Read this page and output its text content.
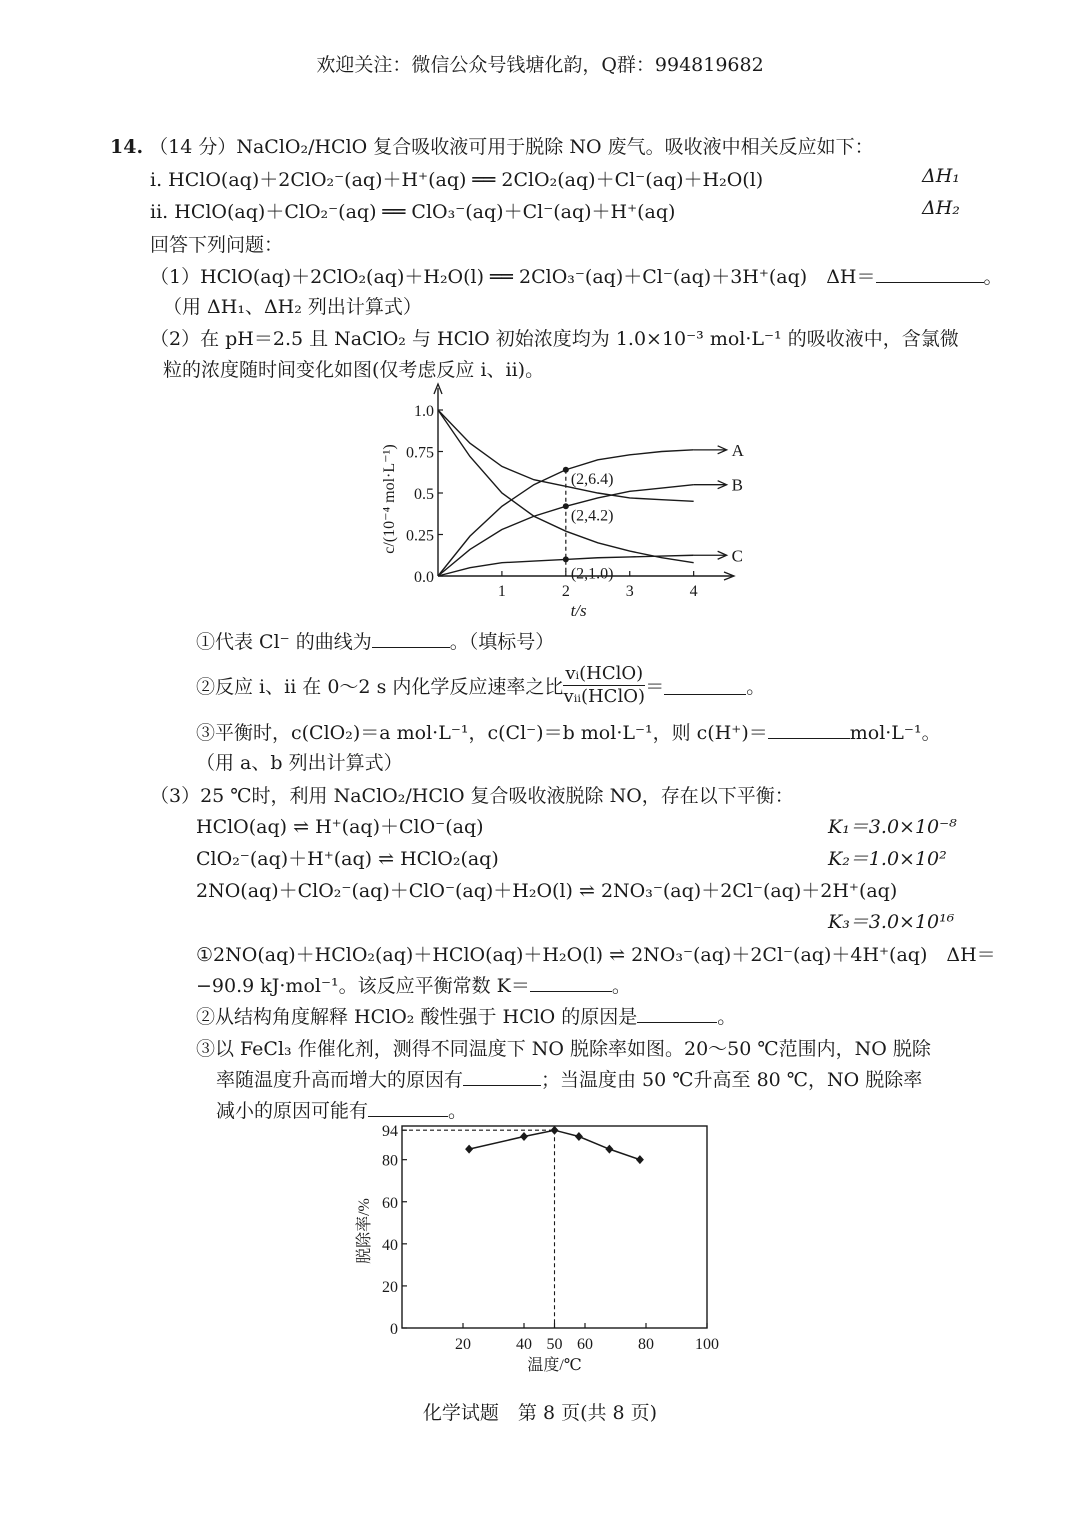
欢迎关注：微信公众号钱塘化韵，Q群：994819682
14. （14 分）NaClO₂/HClO 复合吸收液可用于脱除 NO 废气。吸收液中相关反应如下：
i. HClO(aq)＋2ClO₂⁻(aq)＋H⁺(aq) ══ 2ClO₂(aq)＋Cl⁻(aq)＋H₂O(l)	ΔH₁
ii. HClO(aq)＋ClO₂⁻(aq) ══ ClO₃⁻(aq)＋Cl⁻(aq)＋H⁺(aq)	ΔH₂
回答下列问题：
（1）HClO(aq)＋2ClO₂(aq)＋H₂O(l) ══ 2ClO₃⁻(aq)＋Cl⁻(aq)＋3H⁺(aq)　ΔH＝	。
（用 ΔH₁、ΔH₂ 列出计算式）
（2）在 pH＝2.5 且 NaClO₂ 与 HClO 初始浓度均为 1.0×10⁻³ mol·L⁻¹ 的吸收液中，含氯微
粒的浓度随时间变化如图(仅考虑反应 i、ii)。
0.0
0.25
0.5
0.75
1.0
1	2	3	4
t/s
c/(10⁻⁴ mol·L⁻¹)	A
B
C
(2,6.4)
(2,4.2)
(2,1.0)
①代表 Cl⁻ 的曲线为	。（填标号）
②反应 i、ii 在 0～2 s 内化学反应速率之比 $\frac{\text{vᵢ(HClO)}}{\text{vᵢᵢ(HClO)}}$ ＝	。
③平衡时，c(ClO₂)＝a mol·L⁻¹，c(Cl⁻)＝b mol·L⁻¹，则 c(H⁺)＝	mol·L⁻¹。
（用 a、b 列出计算式）
（3）25 ℃时，利用 NaClO₂/HClO 复合吸收液脱除 NO，存在以下平衡：
HClO(aq) ⇌ H⁺(aq)＋ClO⁻(aq)	K₁＝3.0×10⁻⁸
ClO₂⁻(aq)＋H⁺(aq) ⇌ HClO₂(aq)	K₂＝1.0×10²
2NO(aq)＋ClO₂⁻(aq)＋ClO⁻(aq)＋H₂O(l) ⇌ 2NO₃⁻(aq)＋2Cl⁻(aq)＋2H⁺(aq)
K₃＝3.0×10¹⁶
①2NO(aq)＋HClO₂(aq)＋HClO(aq)＋H₂O(l) ⇌ 2NO₃⁻(aq)＋2Cl⁻(aq)＋4H⁺(aq)　ΔH＝
−90.9 kJ·mol⁻¹。该反应平衡常数 K＝	。
②从结构角度解释 HClO₂ 酸性强于 HClO 的原因是	。
③以 FeCl₃ 作催化剂，测得不同温度下 NO 脱除率如图。20～50 ℃范围内，NO 脱除
率随温度升高而增大的原因有	；当温度由 50 ℃升高至 80 ℃，NO 脱除率
减小的原因可能有	。
0
20
40
60
80
94
20	40 50 60	80	100
温度/℃
脱除率/%
化学试题　第 8 页(共 8 页)
